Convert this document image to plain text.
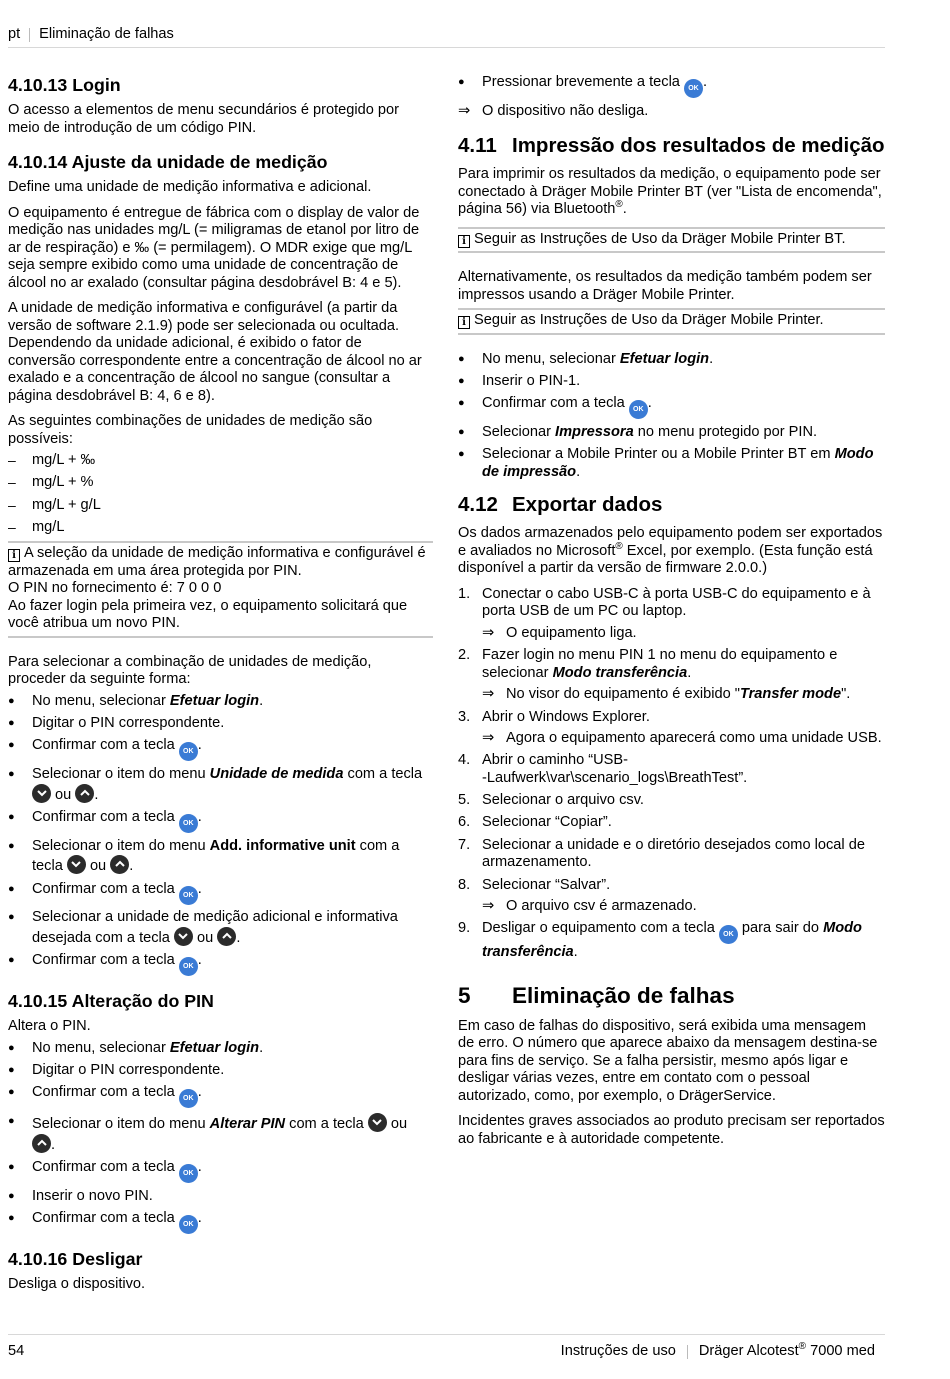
pt Eliminação de falhas
4.10.13 Login

O acesso a elementos de menu secundários é protegido por meio de introdução de um código PIN.

4.10.14 Ajuste da unidade de medição

Define uma unidade de medição informativa e adicional.

O equipamento é entregue de fábrica com o display de valor de medição nas unidades mg/L (= miligramas de etanol por litro de ar de respiração) e ‰ (= permilagem). O MDR exige que mg/L seja sempre exibido como uma unidade de concentração de álcool no ar exalado (consultar página desdobrável B: 4 e 5).

A unidade de medição informativa e configurável (a partir da versão de software 2.1.9) pode ser selecionada ou ocultada. Dependendo da unidade adicional, é exibido o fator de conversão correspondente entre a concentração de álcool no ar exalado e a concentração de álcool no sangue (consultar a página desdobrável B: 4, 6 e 8).

As seguintes combinações de unidades de medição são possíveis:

– mg/L + ‰
– mg/L + %
– mg/L + g/L
– mg/L
i A seleção da unidade de medição informativa e configurável é armazenada em uma área protegida por PIN.
O PIN no fornecimento é: 7 0 0 0
Ao fazer login pela primeira vez, o equipamento solicitará que você atribua um novo PIN.

Para selecionar a combinação de unidades de medição, proceder da seguinte forma:

● No menu, selecionar Efetuar login.
● Digitar o PIN correspondente.
● Confirmar com a tecla OK .
● Selecionar o item do menu Unidade de medida com a tecla
ou
.
● Confirmar com a tecla OK .
● Selecionar o item do menu Add. informative unit com a tecla
ou
.
● Confirmar com a tecla OK .
● Selecionar a unidade de medição adicional e informativa desejada com a tecla
ou
.
● Confirmar com a tecla OK .
4.10.15 Alteração do PIN

Altera o PIN.

● No menu, selecionar Efetuar login.
● Digitar o PIN correspondente.
● Confirmar com a tecla OK .
● Selecionar o item do menu Alterar PIN com a tecla
ou

.
● Confirmar com a tecla OK .
● Inserir o novo PIN.
● Confirmar com a tecla OK .
4.10.16 Desligar

Desliga o dispositivo.

● Pressionar brevemente a tecla OK .
⇒ O dispositivo não desliga.
4.11 Impressão dos resultados de medição

Para imprimir os resultados da medição, o equipamento pode ser conectado à Dräger Mobile Printer BT (ver "Lista de encomenda", página 56) via Bluetooth®.

i Seguir as Instruções de Uso da Dräger Mobile Printer BT.

Alternativamente, os resultados da medição também podem ser impressos usando a Dräger Mobile Printer.

i Seguir as Instruções de Uso da Dräger Mobile Printer.
● No menu, selecionar Efetuar login.
● Inserir o PIN-1.
● Confirmar com a tecla OK .
● Selecionar Impressora no menu protegido por PIN.
● Selecionar a Mobile Printer ou a Mobile Printer BT em Modo de impressão.
4.12 Exportar dados

Os dados armazenados pelo equipamento podem ser exportados e avaliados no Microsoft® Excel, por exemplo. (Esta função está disponível a partir da versão de firmware 2.0.0.)

1. Conectar o cabo USB-C à porta USB-C do equipamento e à porta USB de um PC ou laptop.
⇒ O equipamento liga.
2. Fazer login no menu PIN 1 no menu do equipamento e selecionar Modo transferência.
⇒ No visor do equipamento é exibido "Transfer mode".
3. Abrir o Windows Explorer.
⇒ Agora o equipamento aparecerá como uma unidade USB.
4. Abrir o caminho “USB-
-Laufwerk\var\scenario_logs\BreathTest”.
5. Selecionar o arquivo csv.
6. Selecionar “Copiar”.
7. Selecionar a unidade e o diretório desejados como local de armazenamento.
8. Selecionar “Salvar”.
⇒ O arquivo csv é armazenado.
9. Desligar o equipamento com a tecla OK para sair do Modo transferência.
5	Eliminação de falhas

Em caso de falhas do dispositivo, será exibida uma mensagem de erro. O número que aparece abaixo da mensagem destina-se para fins de serviço. Se a falha persistir, mesmo após ligar e desligar várias vezes, entre em contato com o pessoal autorizado, como, por exemplo, o DrägerService.

Incidentes graves associados ao produto precisam ser reportados ao fabricante e à autoridade competente.

54	Instruções de uso Dräger Alcotest® 7000 med
